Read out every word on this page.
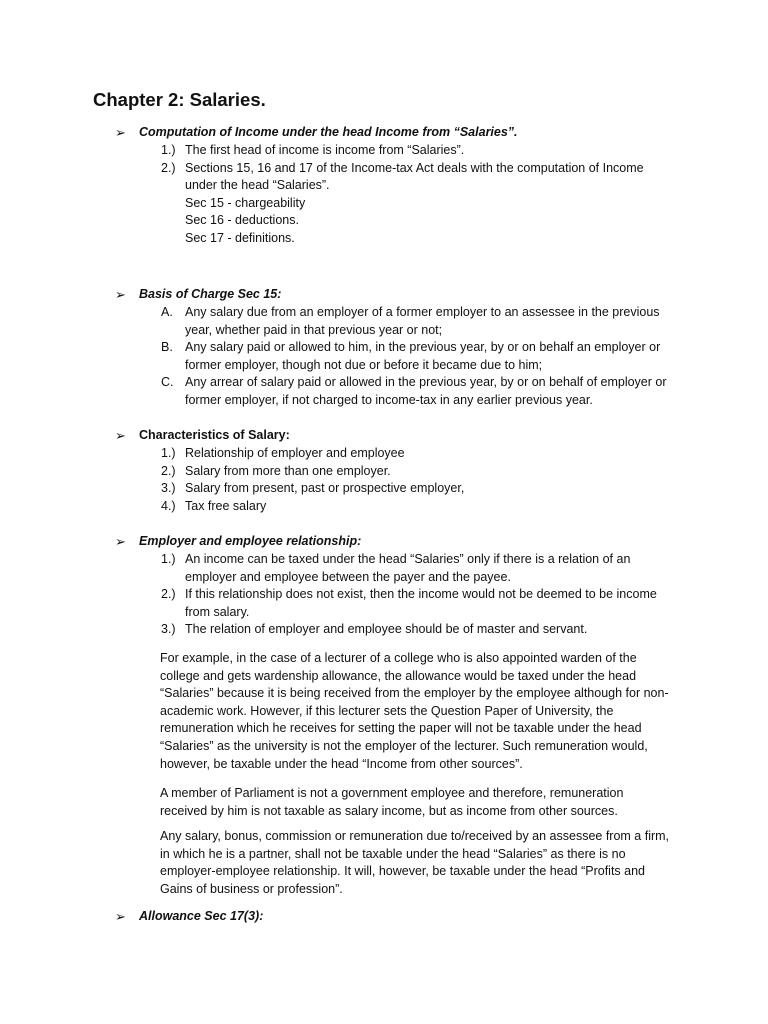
Chapter 2: Salaries.
➢ Computation of Income under the head Income from “Salaries”.
1.) The first head of income is income from “Salaries”.
2.) Sections 15, 16 and 17 of the Income-tax Act deals with the computation of Income under the head “Salaries”.
Sec 15 - chargeability
Sec 16 - deductions.
Sec 17 - definitions.
➢ Basis of Charge Sec 15:
A. Any salary due from an employer of a former employer to an assessee in the previous year, whether paid in that previous year or not;
B. Any salary paid or allowed to him, in the previous year, by or on behalf an employer or former employer, though not due or before it became due to him;
C. Any arrear of salary paid or allowed in the previous year, by or on behalf of employer or former employer, if not charged to income-tax in any earlier previous year.
➢ Characteristics of Salary:
1.) Relationship of employer and employee
2.) Salary from more than one employer.
3.) Salary from present, past or prospective employer,
4.) Tax free salary
➢ Employer and employee relationship:
1.) An income can be taxed under the head “Salaries” only if there is a relation of an employer and employee between the payer and the payee.
2.) If this relationship does not exist, then the income would not be deemed to be income from salary.
3.) The relation of employer and employee should be of master and servant.

For example, in the case of a lecturer of a college who is also appointed warden of the college and gets wardenship allowance, the allowance would be taxed under the head “Salaries” because it is being received from the employer by the employee although for non-academic work. However, if this lecturer sets the Question Paper of University, the remuneration which he receives for setting the paper will not be taxable under the head “Salaries” as the university is not the employer of the lecturer. Such remuneration would, however, be taxable under the head “Income from other sources”.

A member of Parliament is not a government employee and therefore, remuneration received by him is not taxable as salary income, but as income from other sources.

Any salary, bonus, commission or remuneration due to/received by an assessee from a firm, in which he is a partner, shall not be taxable under the head “Salaries” as there is no employer-employee relationship. It will, however, be taxable under the head “Profits and Gains of business or profession”.

➢ Allowance Sec 17(3):
